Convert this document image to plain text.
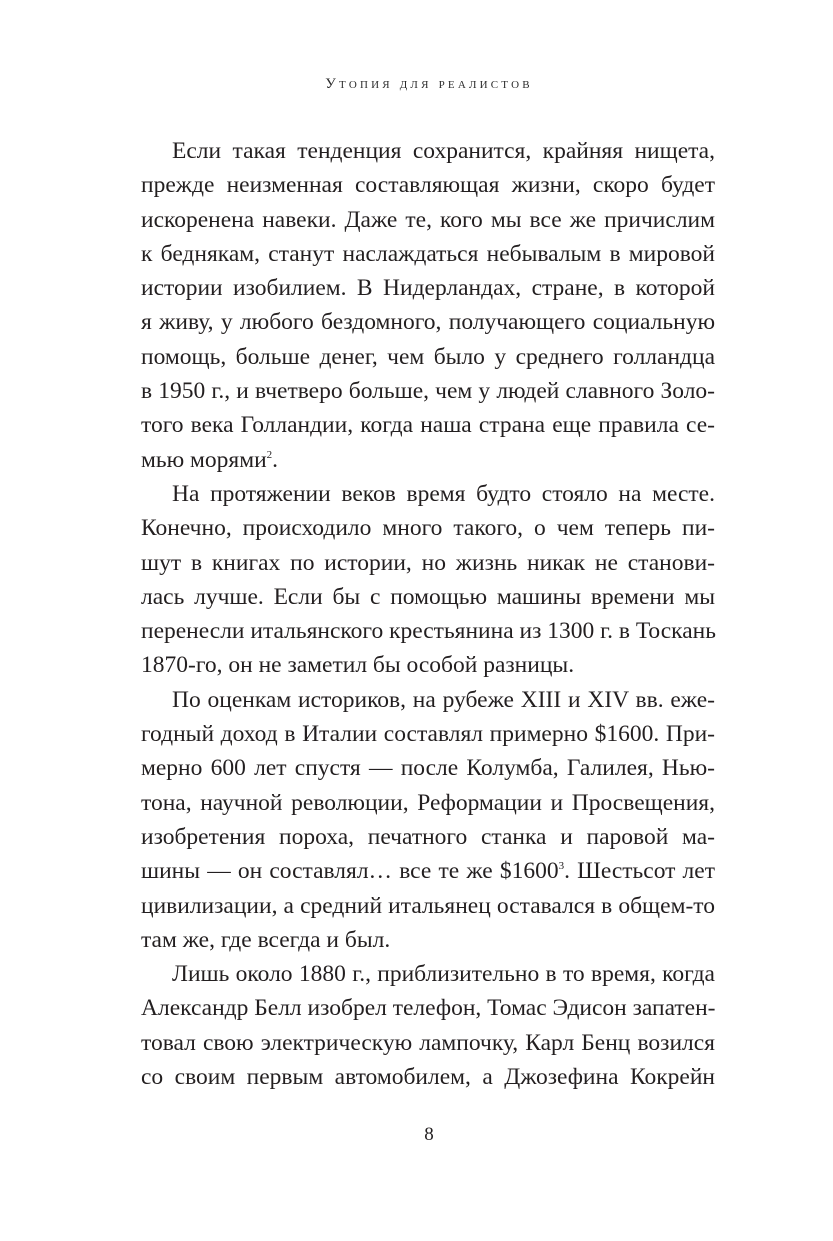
Утопия для реалистов
Если такая тенденция сохранится, крайняя нищета,
прежде неизменная составляющая жизни, скоро будет
искоренена навеки. Даже те, кого мы все же причислим
к беднякам, станут наслаждаться небывалым в мировой
истории изобилием. В Нидерландах, стране, в которой
я живу, у любого бездомного, получающего социальную
помощь, больше денег, чем было у среднего голландца
в 1950 г., и вчетверо больше, чем у людей славного Золо-
того века Голландии, когда наша страна еще правила се-
мью морями$^2$.
На протяжении веков время будто стояло на месте.
Конечно, происходило много такого, о чем теперь пи-
шут в книгах по истории, но жизнь никак не станови-
лась лучше. Если бы с помощью машины времени мы
перенесли итальянского крестьянина из 1300 г. в Тоскань
1870-го, он не заметил бы особой разницы.
По оценкам историков, на рубеже XIII и XIV вв. еже-
годный доход в Италии составлял примерно $1600. При-
мерно 600 лет спустя — после Колумба, Галилея, Нью-
тона, научной революции, Реформации и Просвещения,
изобретения пороха, печатного станка и паровой ма-
шины — он составлял… все те же $1600$^3$. Шестьсот лет
цивилизации, а средний итальянец оставался в общем-то
там же, где всегда и был.
Лишь около 1880 г., приблизительно в то время, когда
Александр Белл изобрел телефон, Томас Эдисон запатен-
товал свою электрическую лампочку, Карл Бенц возился
со своим первым автомобилем, а Джозефина Кокрейн
8
